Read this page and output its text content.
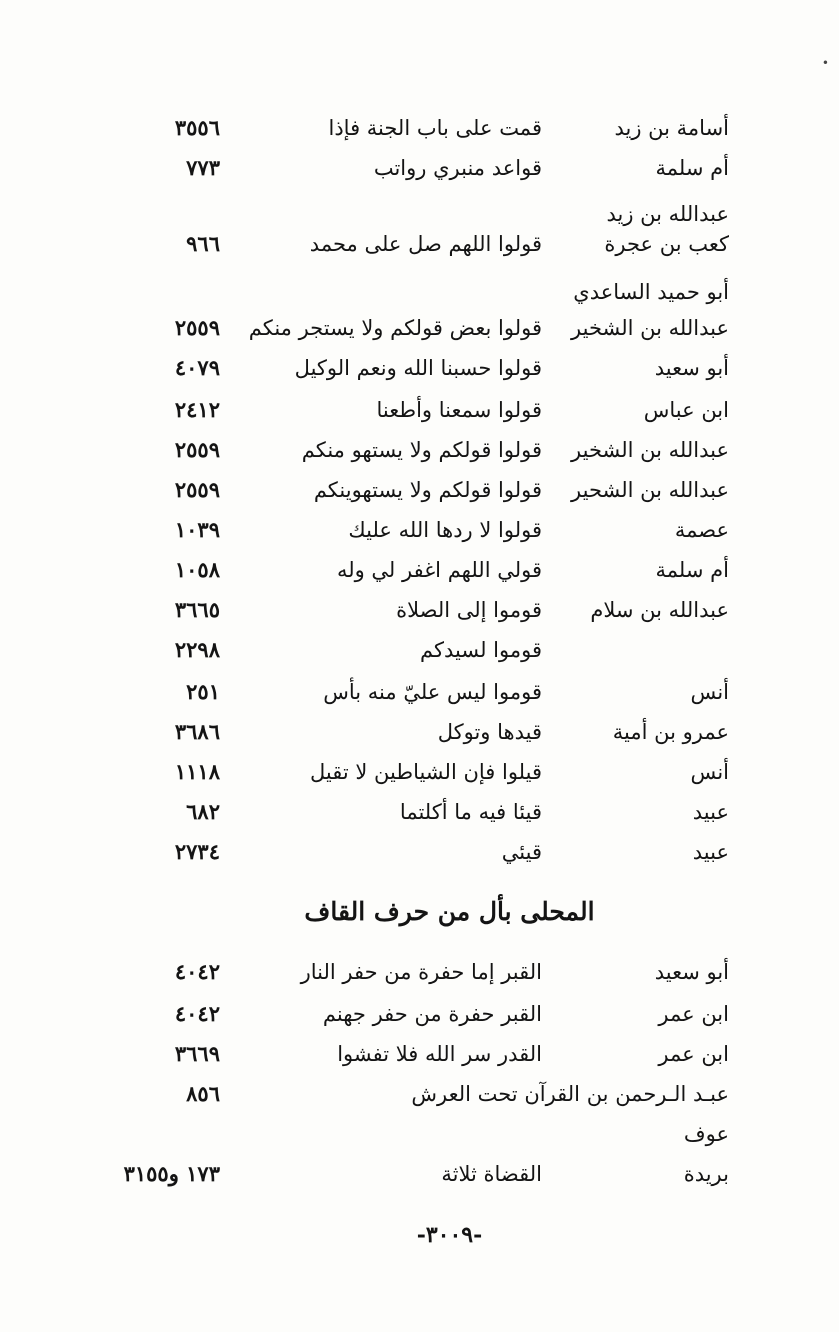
•
أسامة بن زيد
قمت على باب الجنة فإذا
٣٥٥٦
أم سلمة
قواعد منبري رواتب
٧٧٣
عبدالله بن زيد
كعب بن عجرة
قولوا اللهم صل على محمد
٩٦٦
أبو حميد الساعدي
عبدالله بن الشخير
قولوا بعض قولكم ولا يستجر منكم
٢٥٥٩
أبو سعيد
قولوا حسبنا الله ونعم الوكيل
٤٠٧٩
ابن عباس
قولوا سمعنا وأطعنا
٢٤١٢
عبدالله بن الشخير
قولوا قولكم ولا يستهو منكم
٢٥٥٩
عبدالله بن الشحير
قولوا قولكم ولا يستهوينكم
٢٥٥٩
عصمة
قولوا لا ردها الله عليك
١٠٣٩
أم سلمة
قولي اللهم اغفر لي وله
١٠٥٨
عبدالله بن سلام
قوموا إلى الصلاة
٣٦٦٥
قوموا لسيدكم
٢٢٩٨
أنس
قوموا ليس عليّ منه بأس
٢٥١
عمرو بن أمية
قيدها وتوكل
٣٦٨٦
أنس
قيلوا فإن الشياطين لا تقيل
١١١٨
عبيد
قيئا فيه ما أكلتما
٦٨٢
عبيد
قيئي
٢٧٣٤
المحلى بأل من حرف القاف
أبو سعيد
القبر إما حفرة من حفر النار
٤٠٤٢
ابن عمر
القبر حفرة من حفر جهنم
٤٠٤٢
ابن عمر
القدر سر الله فلا تفشوا
٣٦٦٩
عبـد الـرحمن بن القرآن تحت العرش
٨٥٦
عوف
بريدة
القضاة ثلاثة
١٧٣ و٣١٥٥
-٣٠٠٩-
